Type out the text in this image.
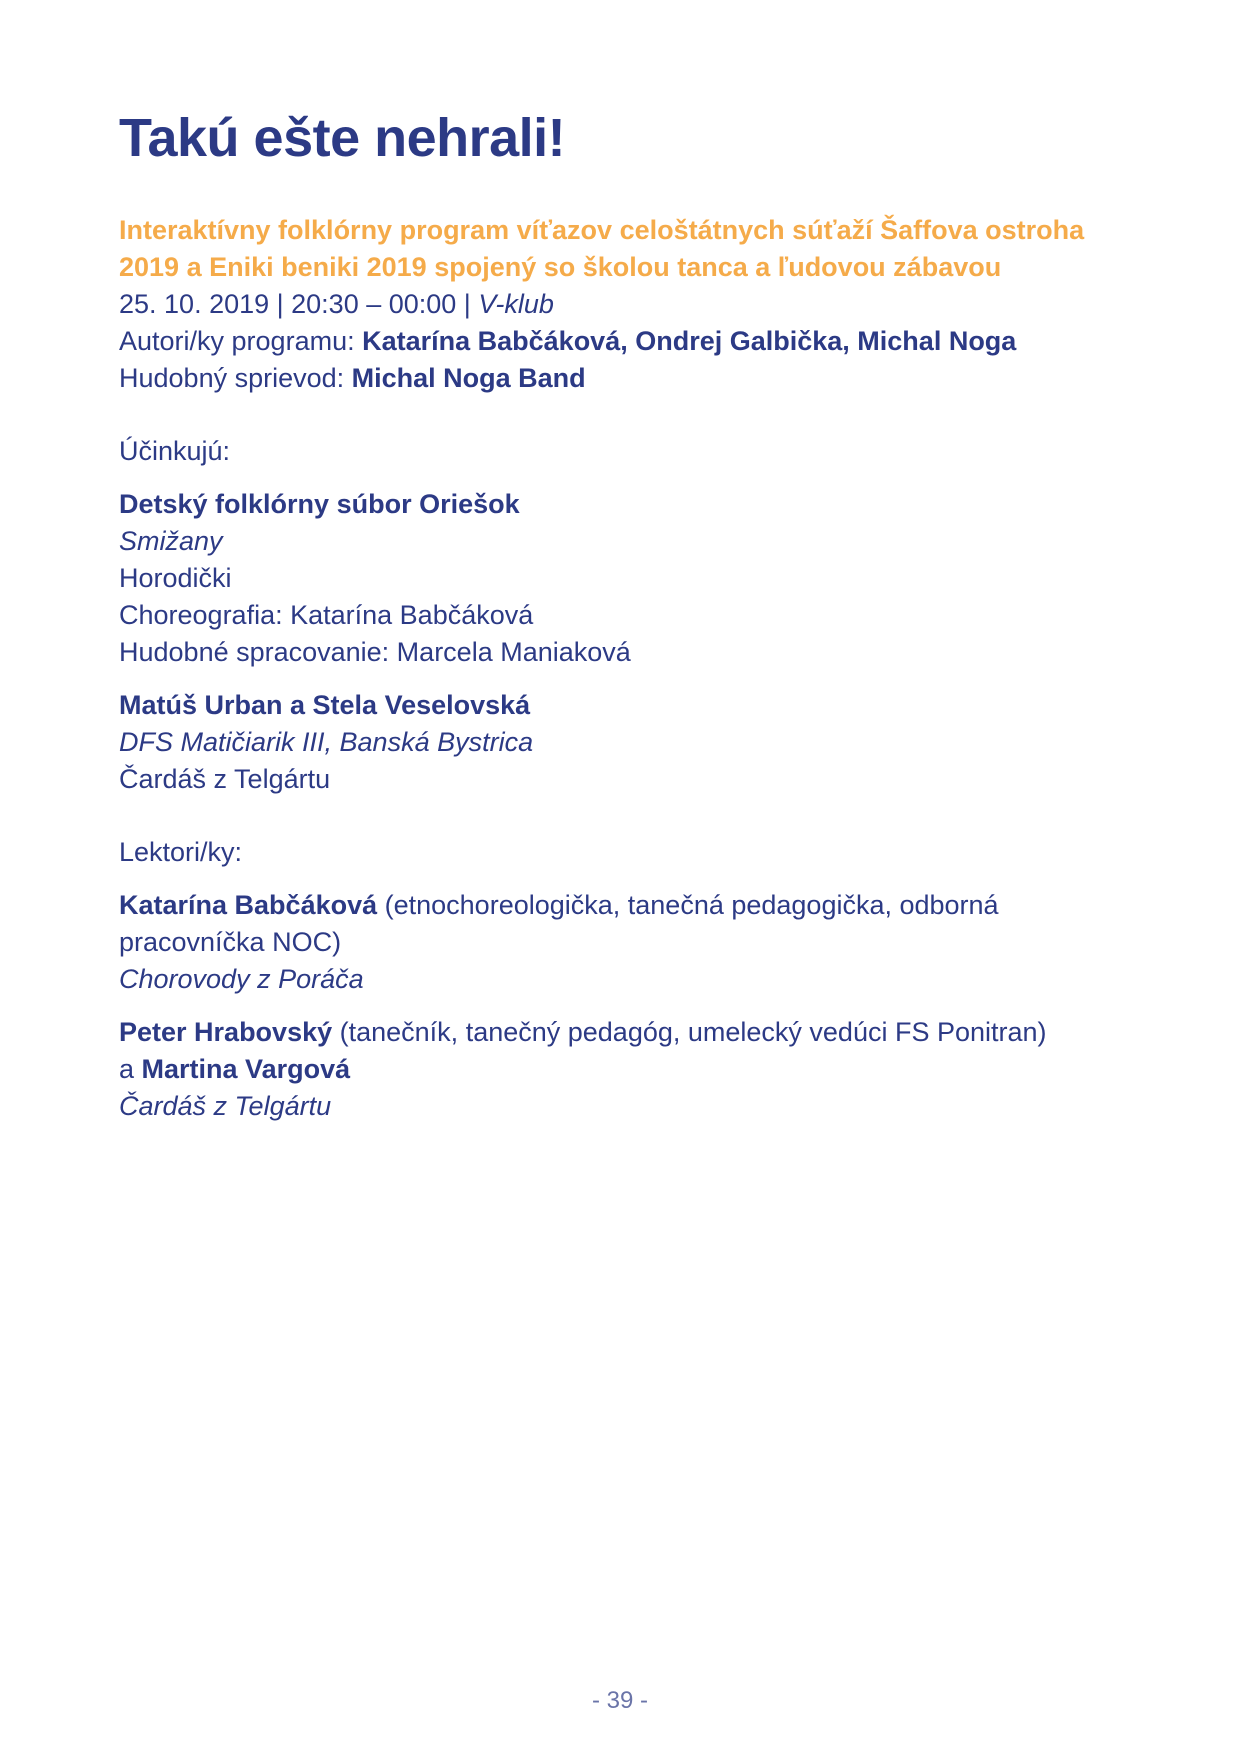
Takú ešte nehrali!
Interaktívny folklórny program víťazov celoštátnych súťaží Šaffova ostroha
2019 a Eniki beniki 2019 spojený so školou tanca a ľudovou zábavou
25. 10. 2019 | 20:30 – 00:00 | V-klub
Autori/ky programu: Katarína Babčáková, Ondrej Galbička, Michal Noga
Hudobný sprievod: Michal Noga Band
Účinkujú:
Detský folklórny súbor Oriešok
Smižany
Horodički
Choreografia: Katarína Babčáková
Hudobné spracovanie: Marcela Maniaková
Matúš Urban a Stela Veselovská
DFS Matičiarik III, Banská Bystrica
Čardáš z Telgártu
Lektori/ky:
Katarína Babčáková (etnochoreologička, tanečná pedagogička, odborná
pracovníčka NOC)
Chorovody z Poráča
Peter Hrabovský (tanečník, tanečný pedagóg, umelecký vedúci FS Ponitran)
a Martina Vargová
Čardáš z Telgártu
- 39 -
